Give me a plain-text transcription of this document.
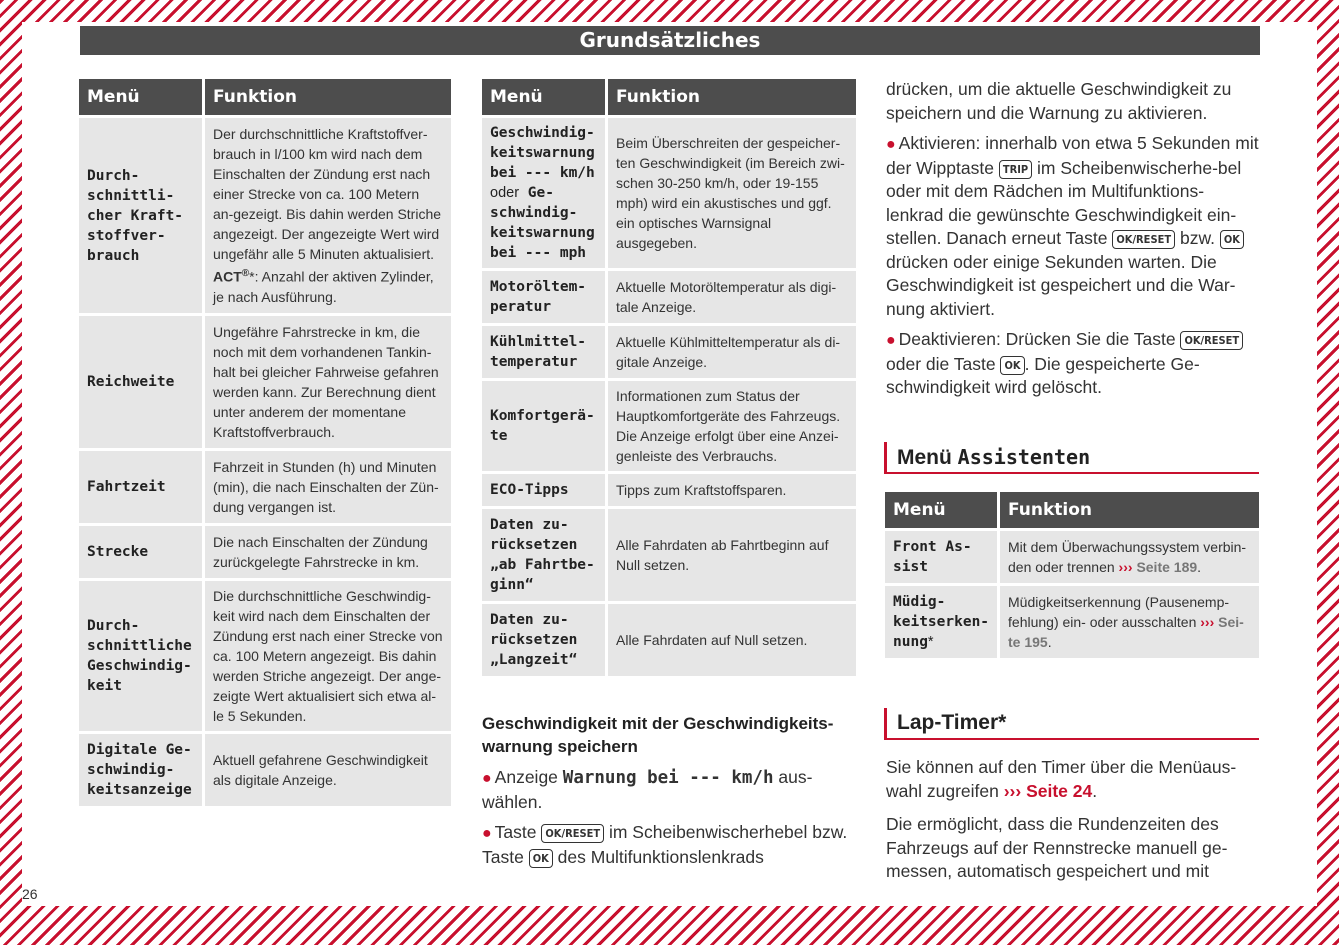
Grundsätzliches
Menü	Funktion
Durch-schnittli-cher Kraft-stoffver-brauch	Der durchschnittliche Kraftstoffver-brauch in l/100 km wird nach dem Einschalten der Zündung erst nach einer Strecke von ca. 100 Metern an-gezeigt. Bis dahin werden Striche angezeigt. Der angezeigte Wert wird ungefähr alle 5 Minuten aktualisiert. ACT®*: Anzahl der aktiven Zylinder, je nach Ausführung.
Reichweite	Ungefähre Fahrstrecke in km, die noch mit dem vorhandenen Tankin-halt bei gleicher Fahrweise gefahren werden kann. Zur Berechnung dient unter anderem der momentane Kraftstoffverbrauch.
Fahrtzeit	Fahrzeit in Stunden (h) und Minuten (min), die nach Einschalten der Zün-dung vergangen ist.
Strecke	Die nach Einschalten der Zündung zurückgelegte Fahrstrecke in km.
Durch-schnittliche Geschwindig-keit	Die durchschnittliche Geschwindig-keit wird nach dem Einschalten der Zündung erst nach einer Strecke von ca. 100 Metern angezeigt. Bis dahin werden Striche angezeigt. Der ange-zeigte Wert aktualisiert sich etwa al-le 5 Sekunden.
Digitale Ge-schwindig-keitsanzeige	Aktuell gefahrene Geschwindigkeit als digitale Anzeige.
Menü	Funktion
Geschwindig-keitswarnung bei --- km/h oder Ge-schwindig-keitswarnung bei --- mph	Beim Überschreiten der gespeicher-ten Geschwindigkeit (im Bereich zwi-schen 30-250 km/h, oder 19-155 mph) wird ein akustisches und ggf. ein optisches Warnsignal ausgegeben.
Motoröltem-peratur	Aktuelle Motoröltemperatur als digi-tale Anzeige.
Kühlmittel-temperatur	Aktuelle Kühlmitteltemperatur als di-gitale Anzeige.
Komfortgerä-te	Informationen zum Status der Hauptkomfortgeräte des Fahrzeugs. Die Anzeige erfolgt über eine Anzei-genleiste des Verbrauchs.
ECO-Tipps	Tipps zum Kraftstoffsparen.
Daten zu-rücksetzen „ab Fahrtbe-ginn“	Alle Fahrdaten ab Fahrtbeginn auf Null setzen.
Daten zu-rücksetzen „Langzeit“	Alle Fahrdaten auf Null setzen.
Geschwindigkeit mit der Geschwindigkeits-warnung speichern
● Anzeige Warnung bei --- km/h aus-wählen.
● Taste OK/RESET im Scheibenwischerhebel bzw. Taste OK des Multifunktionslenkrads
drücken, um die aktuelle Geschwindigkeit zu speichern und die Warnung zu aktivieren.
● Aktivieren: innerhalb von etwa 5 Sekunden mit der Wipptaste TRIP im Scheibenwischerhe-bel oder mit dem Rädchen im Multifunktions-lenkrad die gewünschte Geschwindigkeit ein-stellen. Danach erneut Taste OK/RESET bzw. OK drücken oder einige Sekunden warten. Die Geschwindigkeit ist gespeichert und die War-nung aktiviert.
● Deaktivieren: Drücken Sie die Taste OK/RESET oder die Taste OK . Die gespeicherte Ge-schwindigkeit wird gelöscht.
Menü Assistenten
Menü	Funktion
Front As-sist	Mit dem Überwachungssystem verbin-den oder trennen ››› Seite 189.
Müdig-keitserken-nung*	Müdigkeitserkennung (Pausenemp-fehlung) ein- oder ausschalten ››› Sei-te 195.
Lap-Timer*
Sie können auf den Timer über die Menüaus-wahl zugreifen ››› Seite 24.
Die ermöglicht, dass die Rundenzeiten des Fahrzeugs auf der Rennstrecke manuell ge-messen, automatisch gespeichert und mit
26
